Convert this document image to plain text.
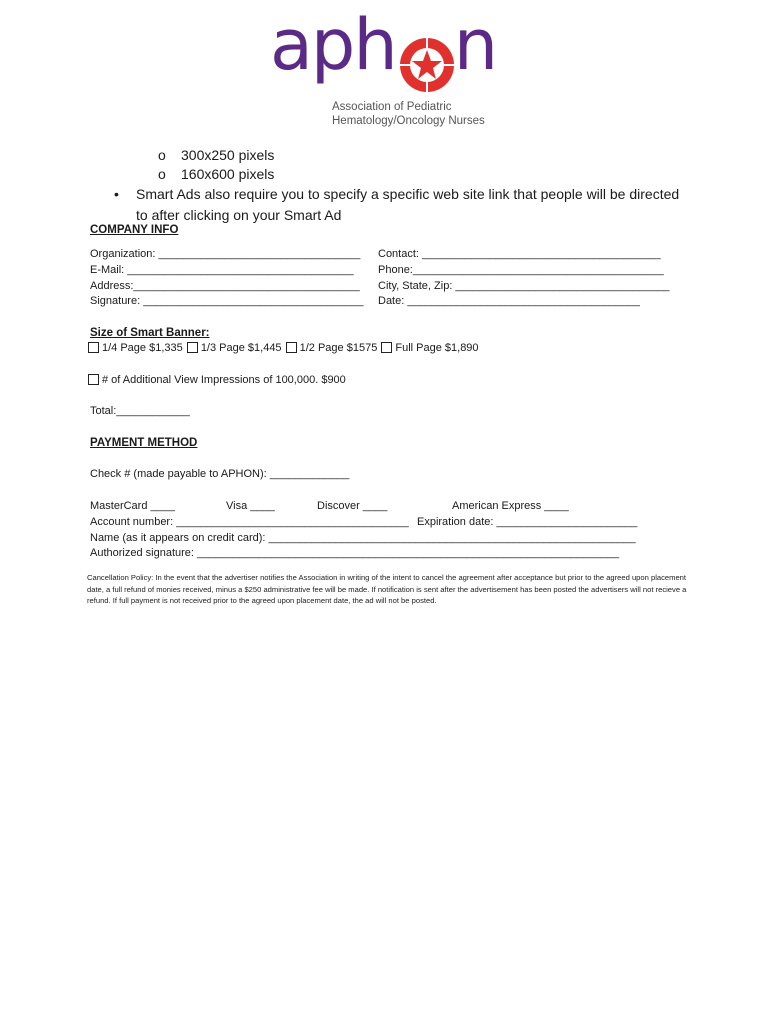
aph n
Association of Pediatric
Hematology/Oncology Nurses
o 300x250 pixels
o 160x600 pixels
• Smart Ads also require you to specify a specific web site link that people will be directed
to after clicking on your Smart Ad
COMPANY INFO
Organization: _________________________________ Contact: _______________________________________
E-Mail: _____________________________________ Phone:_________________________________________
Address:_____________________________________ City, State, Zip: ___________________________________
Signature: ____________________________________ Date: ______________________________________
Size of Smart Banner:
1/4 Page $1,335 1/3 Page $1,445 1/2 Page $1575 Full Page $1,890
# of Additional View Impressions of 100,000. $900
Total:____________
PAYMENT METHOD
Check # (made payable to APHON): _____________
MasterCard ____	Visa ____	Discover ____	American Express ____
Account number: ______________________________________ Expiration date: _______________________
Name (as it appears on credit card): ____________________________________________________________
Authorized signature: _____________________________________________________________________
Cancellation Policy: In the event that the advertiser notifies the Association in writing of the intent to cancel the agreement after acceptance but prior to the agreed upon placement date, a full refund of monies received, minus a $250 administrative fee will be made. If notification is sent after the advertisement has been posted the advertisers will not recieve a refund. If full payment is not received prior to the agreed upon placement date, the ad will not be posted.
